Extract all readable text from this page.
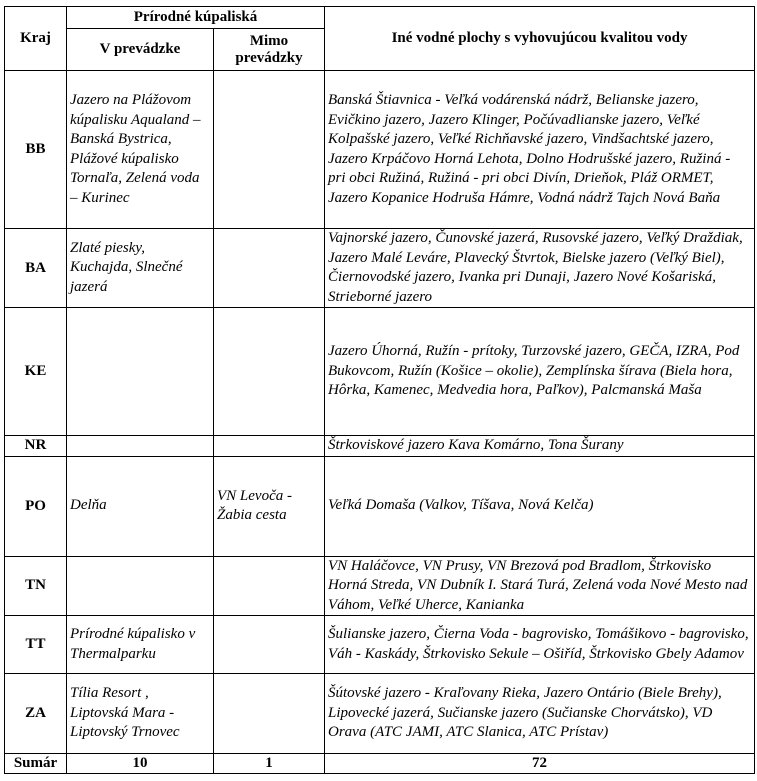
Kraj	Prírodné kúpaliská		Iné vodné plochy s vyhovujúcou kvalitou vody
	V prevádzke	Mimo prevádzky	
BB	Jazero na Plážovom kúpalisku Aqualand – Banská Bystrica, Plážové kúpalisko Tornaľa, Zelená voda – Kurinec		Banská Štiavnica - Veľká vodárenská nádrž, Belianske jazero, Evičkino jazero, Jazero Klinger, Počúvadlianske jazero, Veľké Kolpašské jazero, Veľké Richňavské jazero, Vindšachtské jazero, Jazero Krpáčovo Horná Lehota, Dolno Hodrušské jazero, Ružiná - pri obci Ružiná, Ružiná - pri obci Divín, Drieňok, Pláž ORMET, Jazero Kopanice Hodruša Hámre, Vodná nádrž Tajch Nová Baňa
BA	Zlaté piesky, Kuchajda, Slnečné jazerá		Vajnorské jazero, Čunovské jazerá, Rusovské jazero, Veľký Draždiak, Jazero Malé Leváre, Plavecký Štvrtok, Bielske jazero (Veľký Biel), Čiernovodské jazero, Ivanka pri Dunaji, Jazero Nové Košariská, Strieborné jazero
KE			Jazero Úhorná, Ružín - prítoky, Turzovské jazero, GEČA, IZRA, Pod Bukovcom, Ružín (Košice – okolie), Zemplínska šírava (Biela hora, Hôrka, Kamenec, Medvedia hora, Paľkov), Palcmanská Maša
NR			Štrkoviskové jazero Kava Komárno, Tona Šurany
PO	Delňa	VN Levoča - Žabia cesta	Veľká Domaša (Valkov, Tíšava, Nová Kelča)
TN			VN Haláčovce, VN Prusy, VN Brezová pod Bradlom, Štrkovisko Horná Streda, VN Dubník I. Stará Turá, Zelená voda Nové Mesto nad Váhom, Veľké Uherce, Kanianka
TT	Prírodné kúpalisko v Thermalparku		Šulianske jazero, Čierna Voda - bagrovisko, Tomášikovo - bagrovisko, Váh - Kaskády, Štrkovisko Sekule – Ošiříd, Štrkovisko Gbely Adamov
ZA	Tília Resort , Liptovská Mara - Liptovský Trnovec		Šútovské jazero - Kraľovany Rieka, Jazero Ontário (Biele Brehy), Lipovecké jazerá, Sučianske jazero (Sučianske Chorvátsko), VD Orava (ATC JAMI, ATC Slanica, ATC Prístav)
Sumár	10	1	72
